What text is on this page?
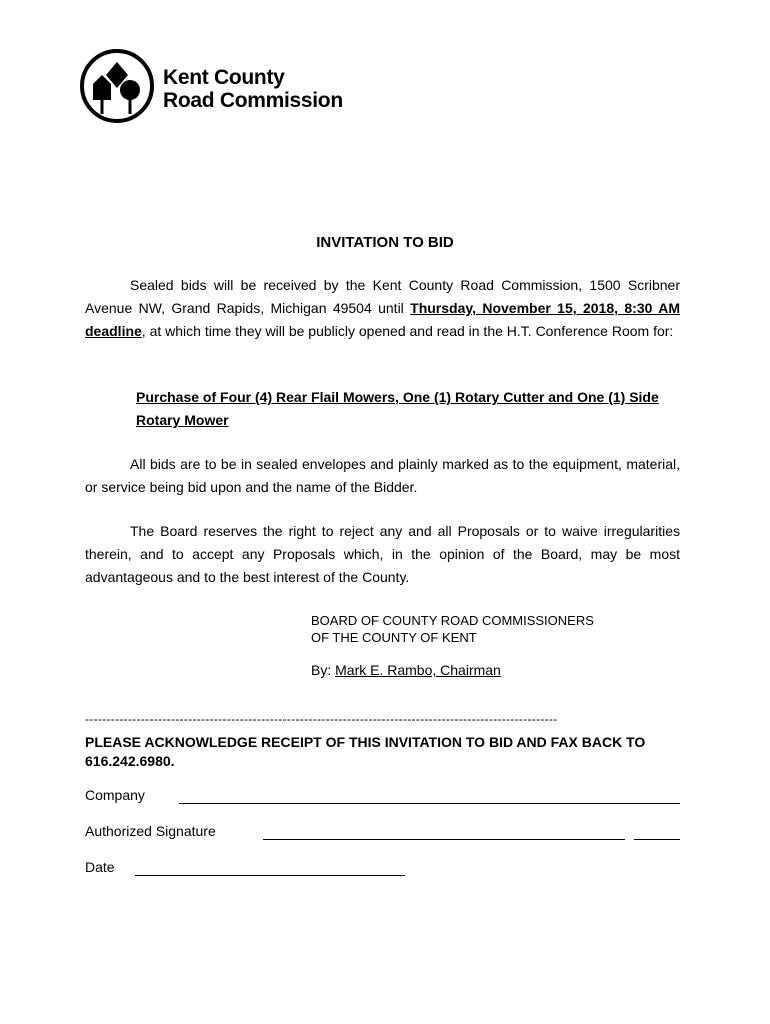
Kent County
Road Commission
INVITATION TO BID
Sealed bids will be received by the Kent County Road Commission, 1500 Scribner Avenue NW, Grand Rapids, Michigan 49504 until Thursday, November 15, 2018, 8:30 AM deadline, at which time they will be publicly opened and read in the H.T. Conference Room for:
Purchase of Four (4) Rear Flail Mowers, One (1) Rotary Cutter and One (1) Side Rotary Mower
All bids are to be in sealed envelopes and plainly marked as to the equipment, material, or service being bid upon and the name of the Bidder.
The Board reserves the right to reject any and all Proposals or to waive irregularities therein, and to accept any Proposals which, in the opinion of the Board, may be most advantageous and to the best interest of the County.
BOARD OF COUNTY ROAD COMMISSIONERS
OF THE COUNTY OF KENT
By: Mark E. Rambo, Chairman
--------------------------------------------------------------------------------------------------------------
PLEASE ACKNOWLEDGE RECEIPT OF THIS INVITATION TO BID AND FAX BACK TO 616.242.6980.
Company
Authorized Signature
Date
